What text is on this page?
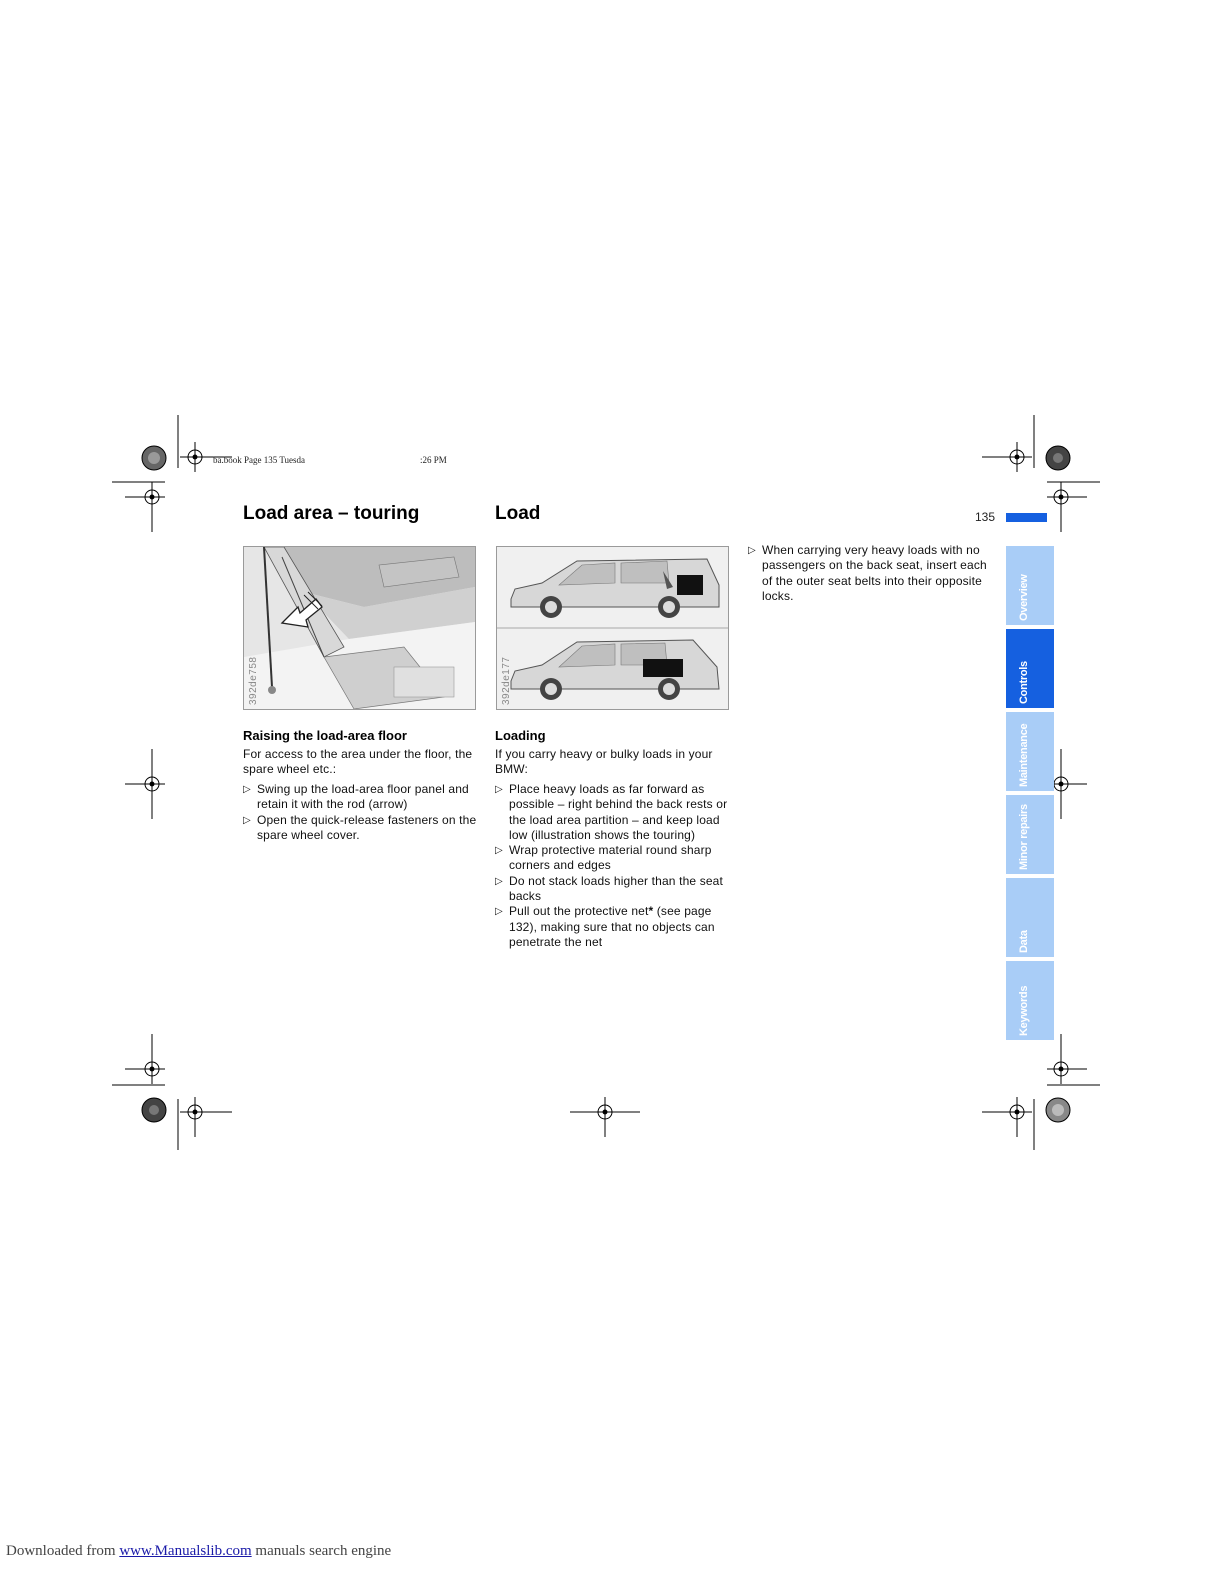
ba.book Page 135 Tuesda	:26 PM
Load area – touring	Load	135
392de758	392de177
Raising the load-area floor

For access to the area under the floor, the spare wheel etc.:

▷ Swing up the load-area floor panel and retain it with the rod (arrow)
▷ Open the quick-release fasteners on the spare wheel cover.
Loading

If you carry heavy or bulky loads in your BMW:

▷ Place heavy loads as far forward as possible – right behind the back rests or the load area partition – and keep load low (illustration shows the touring)
▷ Wrap protective material round sharp corners and edges
▷ Do not stack loads higher than the seat backs
▷ Pull out the protective net* (see page 132), making sure that no objects can penetrate the net
▷ When carrying very heavy loads with no passengers on the back seat, insert each of the outer seat belts into their opposite locks.	Overview
Controls
Maintenance
Minor repairs
Data
Keywords
Downloaded from www.Manualslib.com manuals search engine
